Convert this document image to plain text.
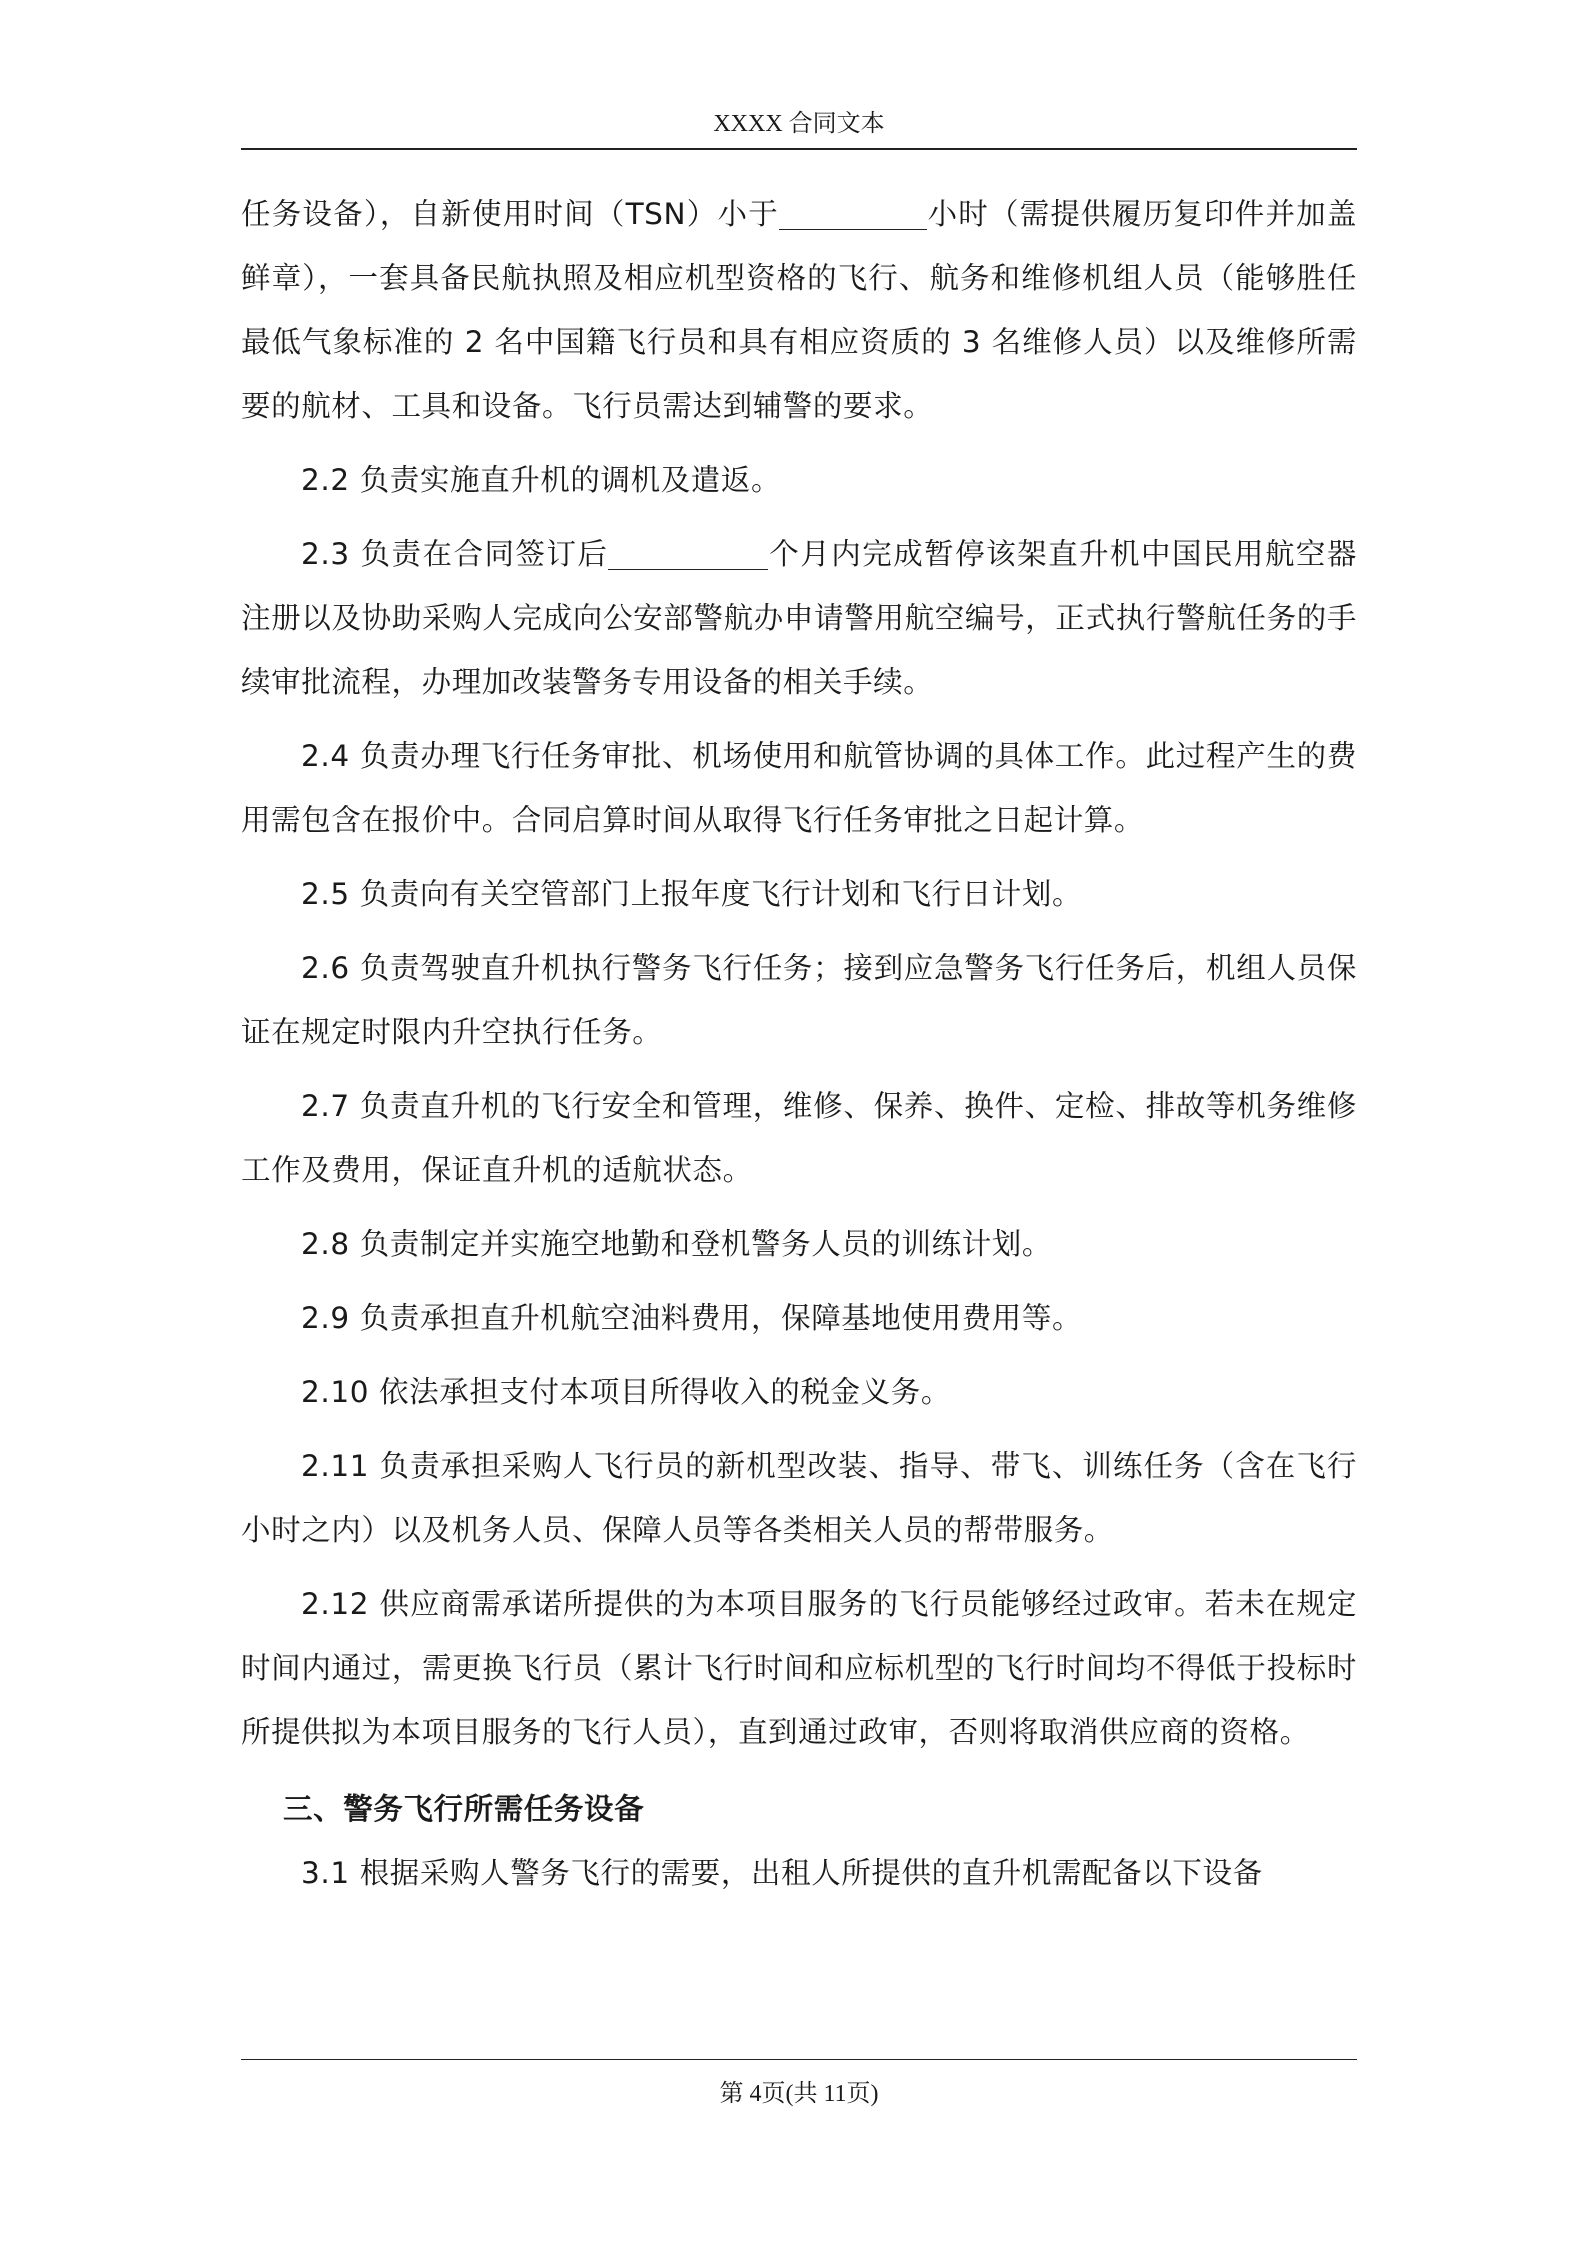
XXXX 合同文本

任务设备），自新使用时间（TSN）小于	小时（需提供履历复印件并加盖鲜章），一套具备民航执照及相应机型资格的飞行、航务和维修机组人员（能够胜任最低气象标准的 2 名中国籍飞行员和具有相应资质的 3 名维修人员）以及维修所需要的航材、工具和设备。飞行员需达到辅警的要求。

2.2 负责实施直升机的调机及遣返。

2.3 负责在合同签订后	个月内完成暂停该架直升机中国民用航空器注册以及协助采购人完成向公安部警航办申请警用航空编号，正式执行警航任务的手续审批流程，办理加改装警务专用设备的相关手续。

2.4 负责办理飞行任务审批、机场使用和航管协调的具体工作。此过程产生的费用需包含在报价中。合同启算时间从取得飞行任务审批之日起计算。

2.5 负责向有关空管部门上报年度飞行计划和飞行日计划。

2.6 负责驾驶直升机执行警务飞行任务；接到应急警务飞行任务后，机组人员保证在规定时限内升空执行任务。

2.7 负责直升机的飞行安全和管理，维修、保养、换件、定检、排故等机务维修工作及费用，保证直升机的适航状态。

2.8 负责制定并实施空地勤和登机警务人员的训练计划。

2.9 负责承担直升机航空油料费用，保障基地使用费用等。

2.10 依法承担支付本项目所得收入的税金义务。

2.11 负责承担采购人飞行员的新机型改装、指导、带飞、训练任务（含在飞行小时之内）以及机务人员、保障人员等各类相关人员的帮带服务。

2.12 供应商需承诺所提供的为本项目服务的飞行员能够经过政审。若未在规定时间内通过，需更换飞行员（累计飞行时间和应标机型的飞行时间均不得低于投标时所提供拟为本项目服务的飞行人员），直到通过政审，否则将取消供应商的资格。

三、警务飞行所需任务设备

3.1 根据采购人警务飞行的需要，出租人所提供的直升机需配备以下设备

第 4页(共 11页)
